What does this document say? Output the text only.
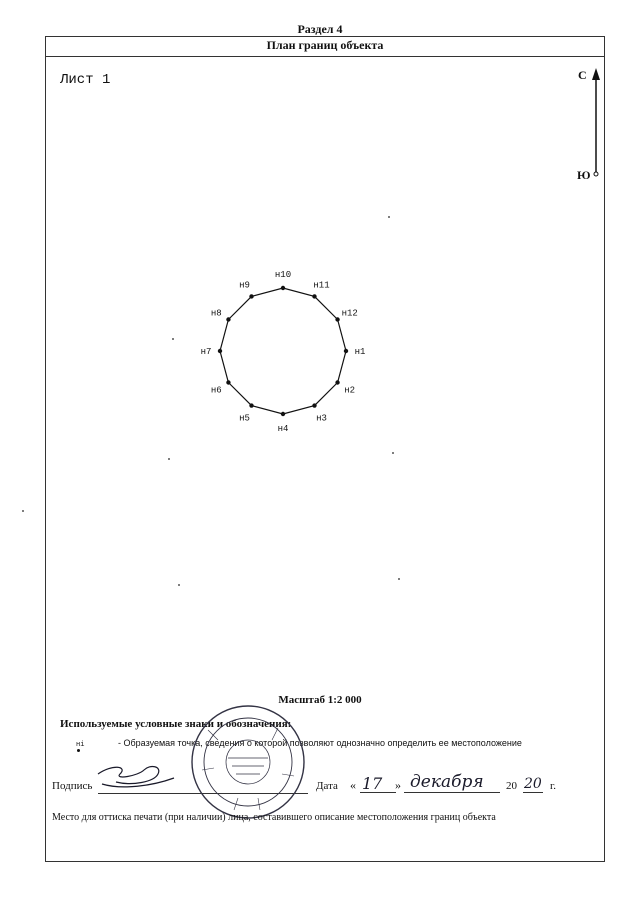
Раздел 4
План границ объекта
Лист 1	С
Ю
н1
н2
н3
н4
н5
н6
н7
н8
н9
н10
н11
н12
Масштаб 1:2 000
Используемые условные знаки и обозначения:
нi	- Образуемая точка, сведения о которой позволяют однозначно определить ее местоположение
Подпись	Дата « 17 » декабря 20 20 г.
Место для оттиска печати (при наличии) лица, составившего описание местоположения границ объекта
